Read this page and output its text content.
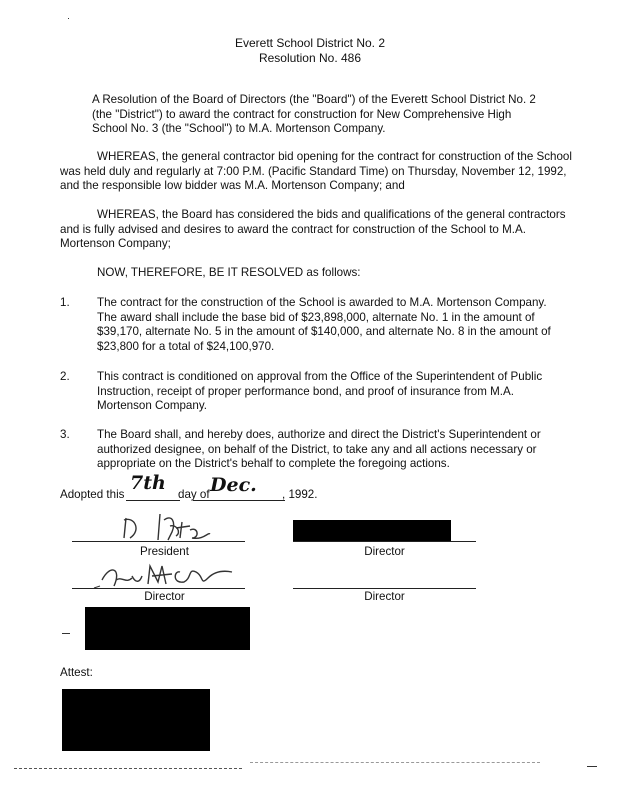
Everett School District No. 2
Resolution No. 486

A Resolution of the Board of Directors (the "Board") of the Everett School District No. 2 (the "District") to award the contract for construction for New Comprehensive High School No. 3 (the "School") to M.A. Mortenson Company.

WHEREAS, the general contractor bid opening for the contract for construction of the School was held duly and regularly at 7:00 P.M. (Pacific Standard Time) on Thursday, November 12, 1992, and the responsible low bidder was M.A. Mortenson Company; and

WHEREAS, the Board has considered the bids and qualifications of the general contractors and is fully advised and desires to award the contract for construction of the School to M.A. Mortenson Company;

NOW, THEREFORE, BE IT RESOLVED as follows:

1. The contract for the construction of the School is awarded to M.A. Mortenson Company. The award shall include the base bid of $23,898,000, alternate No. 1 in the amount of $39,170, alternate No. 5 in the amount of $140,000, and alternate No. 8 in the amount of $23,800 for a total of $24,100,970.

2. This contract is conditioned on approval from the Office of the Superintendent of Public Instruction, receipt of proper performance bond, and proof of insurance from M.A. Mortenson Company.

3. The Board shall, and hereby does, authorize and direct the District's Superintendent or authorized designee, on behalf of the District, to take any and all actions necessary or appropriate on the District's behalf to complete the foregoing actions.

Adopted this
7th
day of Dec. , 1992.
President	Director
Director	Director
Attest:
